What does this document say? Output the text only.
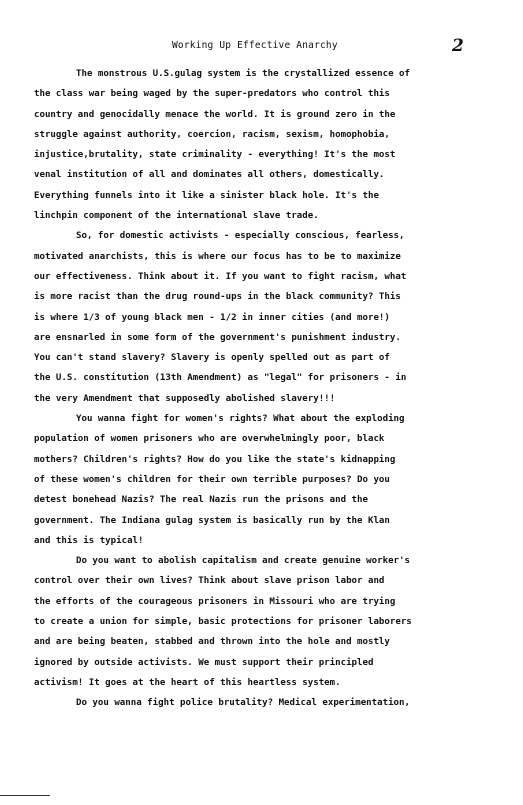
Working Up Effective Anarchy	2
The monstrous U.S.gulag system is the crystallized essence of
the class war being waged by the super-predators who control this
country and genocidally menace the world. It is ground zero in the
struggle against authority, coercion, racism, sexism, homophobia,
injustice,brutality, state criminality - everything! It's the most
venal institution of all and dominates all others, domestically.
Everything funnels into it like a sinister black hole. It's the
linchpin component of the international slave trade.
So, for domestic activists - especially conscious, fearless,
motivated anarchists, this is where our focus has to be to maximize
our effectiveness. Think about it. If you want to fight racism, what
is more racist than the drug round-ups in the black community? This
is where 1/3 of young black men - 1/2 in inner cities (and more!)
are ensnarled in some form of the government's punishment industry.
You can't stand slavery? Slavery is openly spelled out as part of
the U.S. constitution (13th Amendment) as "legal" for prisoners - in
the very Amendment that supposedly abolished slavery!!!
You wanna fight for women's rights? What about the exploding
population of women prisoners who are overwhelmingly poor, black
mothers? Children's rights? How do you like the state's kidnapping
of these women's children for their own terrible purposes? Do you
detest bonehead Nazis? The real Nazis run the prisons and the
government. The Indiana gulag system is basically run by the Klan
and this is typical!
Do you want to abolish capitalism and create genuine worker's
control over their own lives? Think about slave prison labor and
the efforts of the courageous prisoners in Missouri who are trying
to create a union for simple, basic protections for prisoner laborers
and are being beaten, stabbed and thrown into the hole and mostly
ignored by outside activists. We must support their principled
activism! It goes at the heart of this heartless system.
Do you wanna fight police brutality? Medical experimentation,
